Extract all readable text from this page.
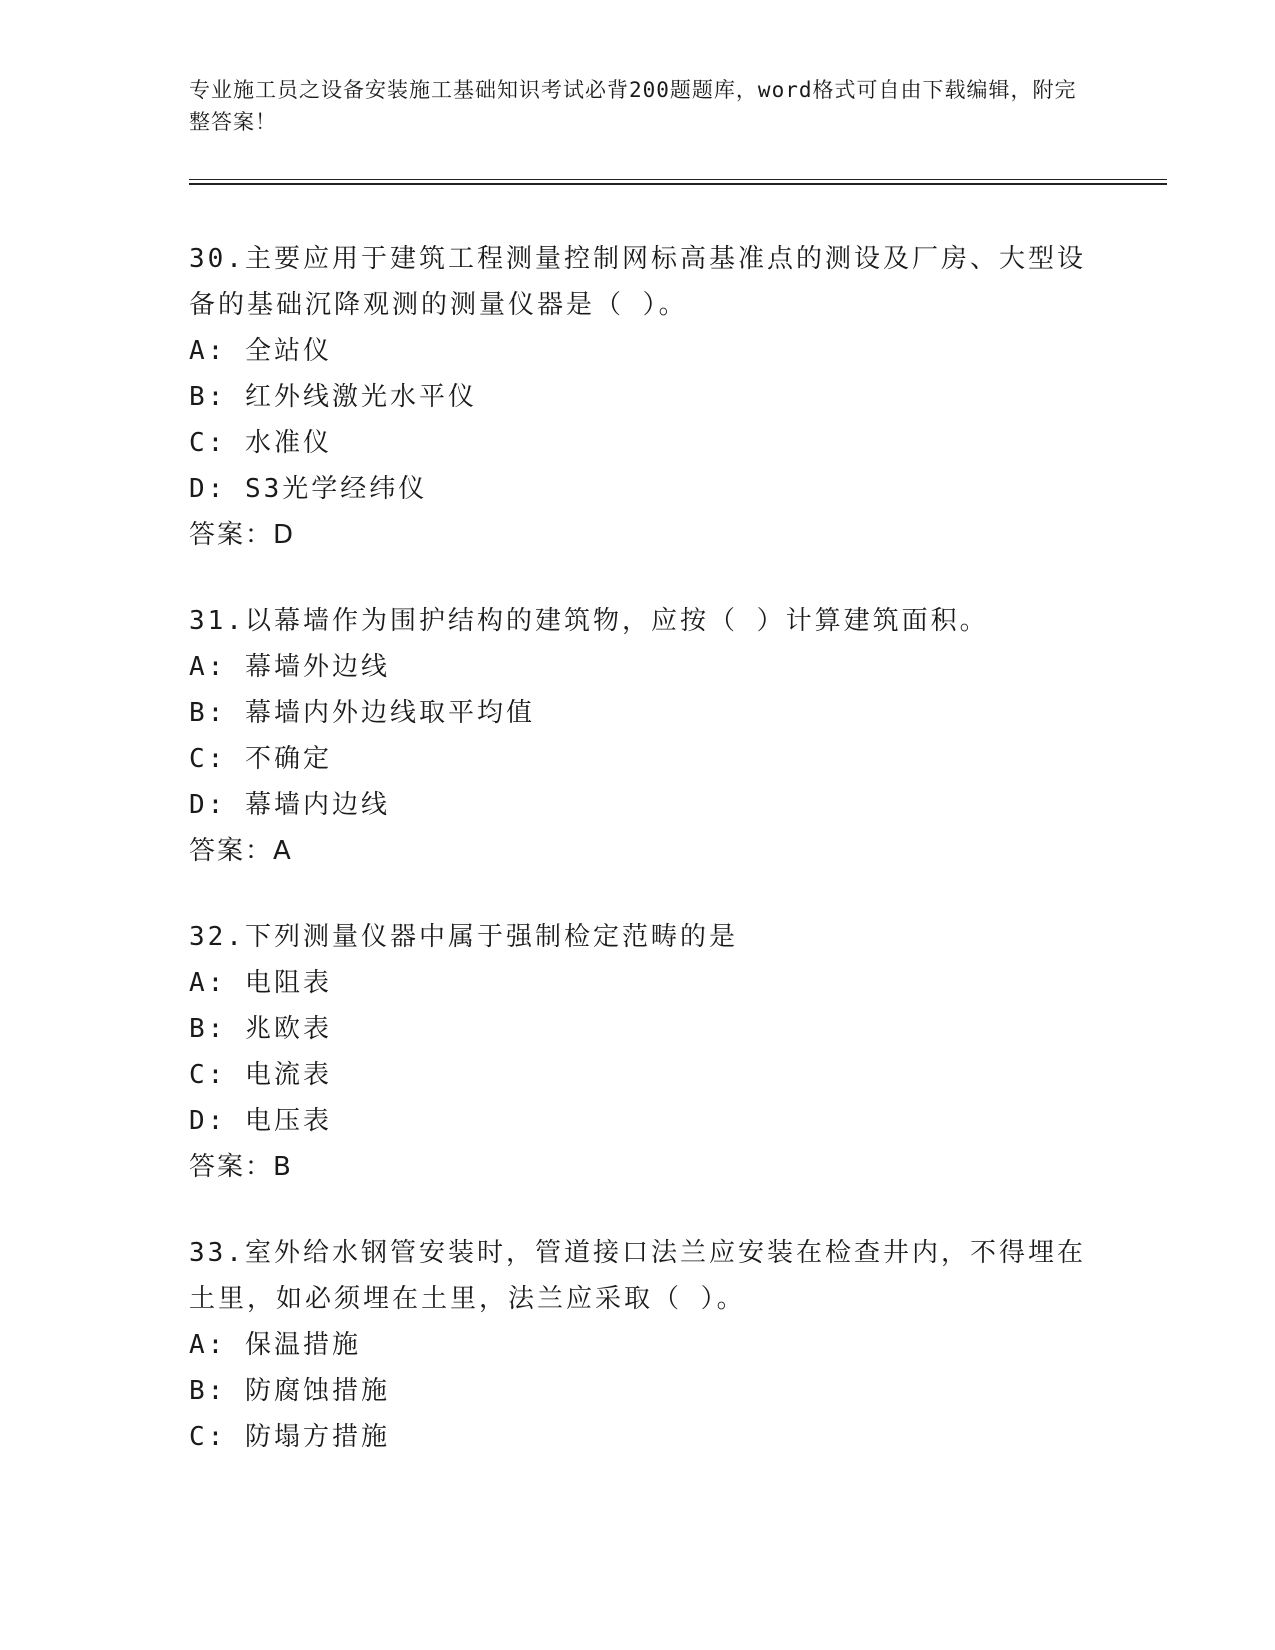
专业施工员之设备安装施工基础知识考试必背200题题库，word格式可自由下载编辑，附完整答案！

30.主要应用于建筑工程测量控制网标高基准点的测设及厂房、大型设备的基础沉降观测的测量仪器是（ ）。

A: 全站仪

B: 红外线激光水平仪

C: 水准仪

D: S3光学经纬仪

答案：D

31.以幕墙作为围护结构的建筑物，应按（ ）计算建筑面积。

A: 幕墙外边线

B: 幕墙内外边线取平均值

C: 不确定

D: 幕墙内边线

答案：A

32.下列测量仪器中属于强制检定范畴的是

A: 电阻表

B: 兆欧表

C: 电流表

D: 电压表

答案：B

33.室外给水钢管安装时，管道接口法兰应安装在检查井内，不得埋在土里，如必须埋在土里，法兰应采取（ ）。

A: 保温措施

B: 防腐蚀措施

C: 防塌方措施
